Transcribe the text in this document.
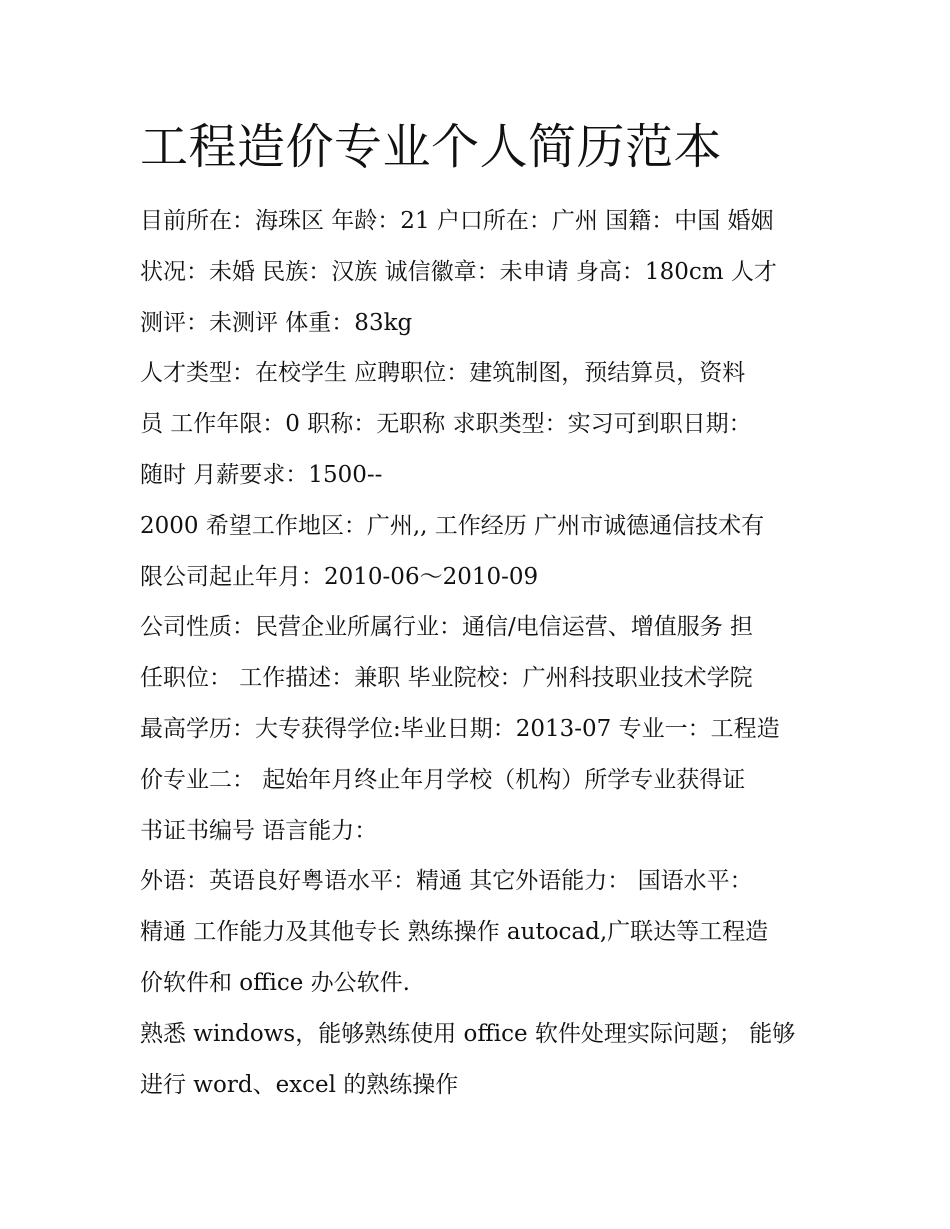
工程造价专业个人简历范本
目前所在：海珠区 年龄：21 户口所在：广州 国籍：中国 婚姻
状况：未婚 民族：汉族 诚信徽章：未申请 身高：180cm 人才
测评：未测评 体重：83kg
人才类型：在校学生 应聘职位：建筑制图，预结算员，资料
员 工作年限：0 职称：无职称 求职类型：实习可到职日期：
随时 月薪要求：1500--
2000 希望工作地区：广州,, 工作经历 广州市诚德通信技术有
限公司起止年月：2010-06～2010-09
公司性质：民营企业所属行业：通信/电信运营、增值服务 担
任职位： 工作描述：兼职 毕业院校：广州科技职业技术学院
最高学历：大专获得学位:毕业日期：2013-07 专业一：工程造
价专业二： 起始年月终止年月学校（机构）所学专业获得证
书证书编号 语言能力：
外语：英语良好粤语水平：精通 其它外语能力： 国语水平：
精通 工作能力及其他专长 熟练操作 autocad,广联达等工程造
价软件和 office 办公软件.
熟悉 windows，能够熟练使用 office 软件处理实际问题； 能够
进行 word、excel 的熟练操作
